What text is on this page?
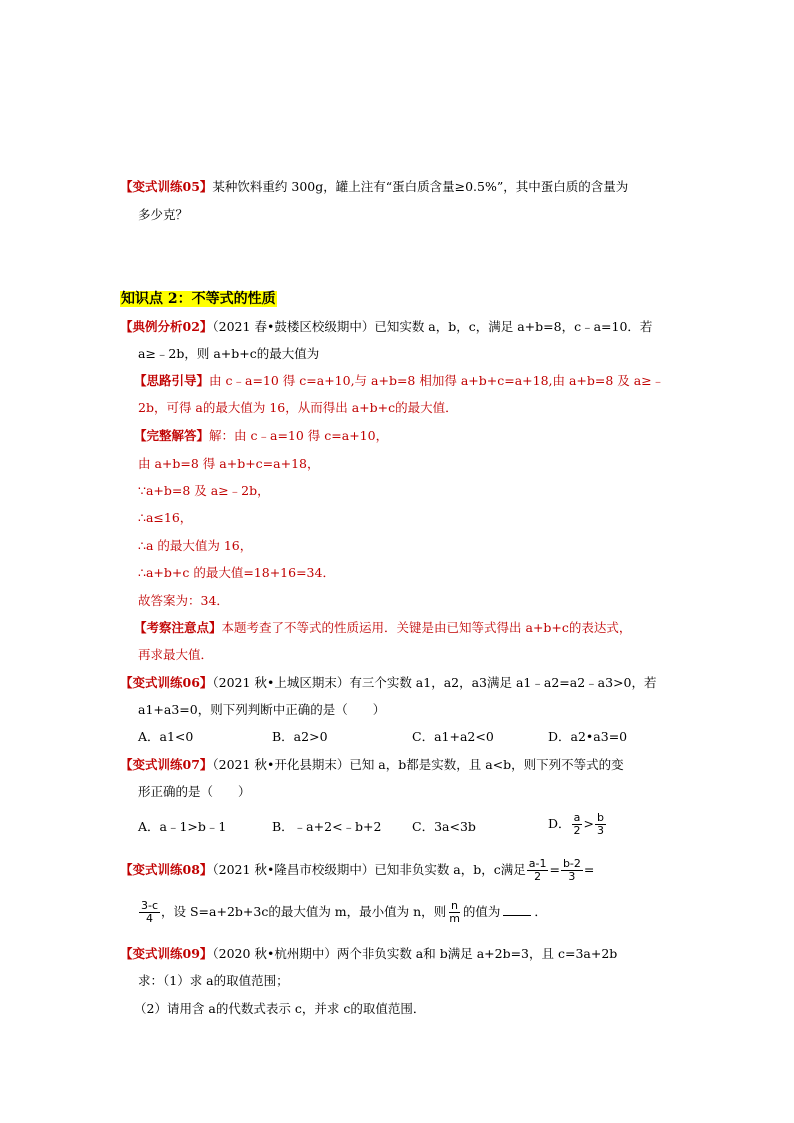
【变式训练05】某种饮料重约 300g，罐上注有“蛋白质含量≥0.5%”，其中蛋白质的含量为
多少克？
知识点 2：不等式的性质
【典例分析02】（2021 春•鼓楼区校级期中）已知实数 a，b，c，满足 a+b=8，c﹣a=10．若
a≥﹣2b，则 a+b+c的最大值为
【思路引导】由 c﹣a=10 得 c=a+10,与 a+b=8 相加得 a+b+c=a+18,由 a+b=8 及 a≥﹣
2b，可得 a的最大值为 16，从而得出 a+b+c的最大值．
【完整解答】解：由 c﹣a=10 得 c=a+10，
由 a+b=8 得 a+b+c=a+18，
∵a+b=8 及 a≥﹣2b，
∴a≤16，
∴a 的最大值为 16，
∴a+b+c 的最大值=18+16=34．
故答案为：34．
【考察注意点】本题考查了不等式的性质运用．关键是由已知等式得出 a+b+c的表达式，
再求最大值．
【变式训练06】（2021 秋•上城区期末）有三个实数 a1，a2，a3满足 a1﹣a2=a2﹣a3>0，若
a1+a3=0，则下列判断中正确的是（　　）
A．a1<0	B．a2>0	C．a1+a2<0	D．a2•a3=0
【变式训练07】（2021 秋•开化县期末）已知 a，b都是实数，且 a<b，则下列不等式的变
形正确的是（　　）
A．a﹣1>b﹣1	B．﹣a+2<﹣b+2 C．3a<3b	D． $\frac{a}{2} > \frac{b}{3}$
【变式训练08】（2021 秋•隆昌市校级期中）已知非负实数 a，b，c满足 $\frac{a-1}{2} = \frac{b-2}{3}$ =
$\frac{3-c}{4}$ ，设 S=a+2b+3c的最大值为 m，最小值为 n，则 $\frac{n}{m}$ 的值为	．
【变式训练09】（2020 秋•杭州期中）两个非负实数 a和 b满足 a+2b=3，且 c=3a+2b
求：（1）求 a的取值范围；
（2）请用含 a的代数式表示 c，并求 c的取值范围．
